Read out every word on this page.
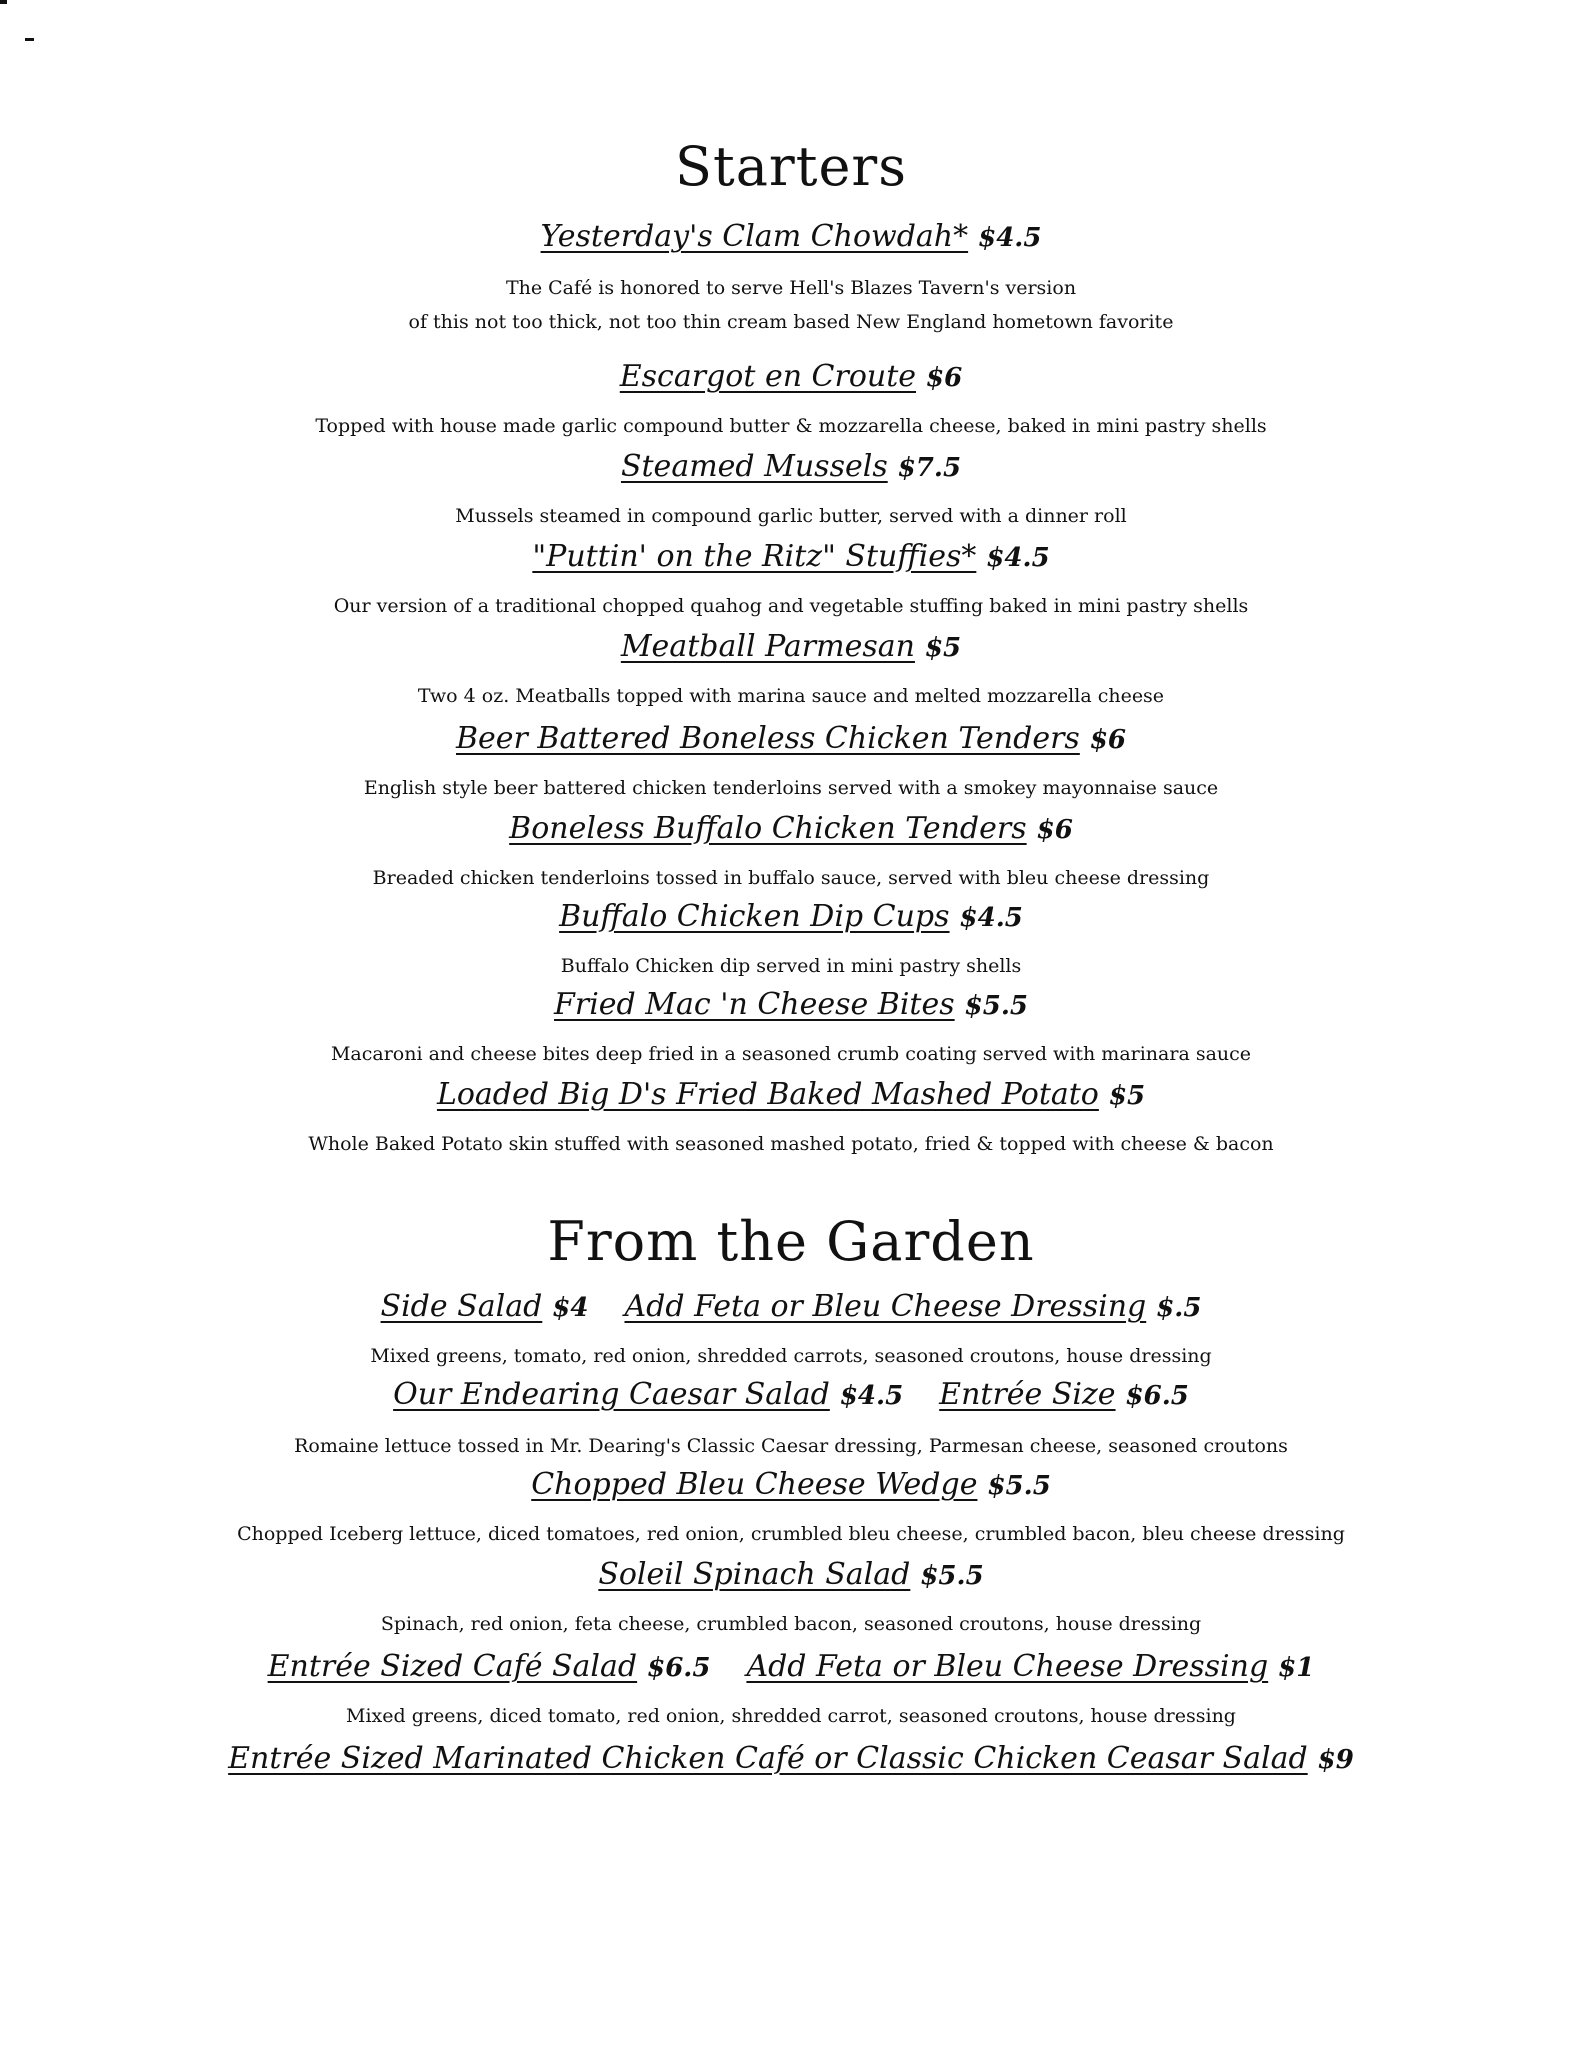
Starters
Yesterday's Clam Chowdah* $4.5
The Café is honored to serve Hell's Blazes Tavern's version
of this not too thick, not too thin cream based New England hometown favorite
Escargot en Croute $6
Topped with house made garlic compound butter & mozzarella cheese, baked in mini pastry shells
Steamed Mussels $7.5
Mussels steamed in compound garlic butter, served with a dinner roll
"Puttin' on the Ritz" Stuffies* $4.5
Our version of a traditional chopped quahog and vegetable stuffing baked in mini pastry shells
Meatball Parmesan $5
Two 4 oz. Meatballs topped with marina sauce and melted mozzarella cheese
Beer Battered Boneless Chicken Tenders $6
English style beer battered chicken tenderloins served with a smokey mayonnaise sauce
Boneless Buffalo Chicken Tenders $6
Breaded chicken tenderloins tossed in buffalo sauce, served with bleu cheese dressing
Buffalo Chicken Dip Cups $4.5
Buffalo Chicken dip served in mini pastry shells
Fried Mac 'n Cheese Bites $5.5
Macaroni and cheese bites deep fried in a seasoned crumb coating served with marinara sauce
Loaded Big D's Fried Baked Mashed Potato $5
Whole Baked Potato skin stuffed with seasoned mashed potato, fried & topped with cheese & bacon
From the Garden
Side Salad $4 Add Feta or Bleu Cheese Dressing $.5
Mixed greens, tomato, red onion, shredded carrots, seasoned croutons, house dressing
Our Endearing Caesar Salad $4.5 Entrée Size $6.5
Romaine lettuce tossed in Mr. Dearing's Classic Caesar dressing, Parmesan cheese, seasoned croutons
Chopped Bleu Cheese Wedge $5.5
Chopped Iceberg lettuce, diced tomatoes, red onion, crumbled bleu cheese, crumbled bacon, bleu cheese dressing
Soleil Spinach Salad $5.5
Spinach, red onion, feta cheese, crumbled bacon, seasoned croutons, house dressing
Entrée Sized Café Salad $6.5 Add Feta or Bleu Cheese Dressing $1
Mixed greens, diced tomato, red onion, shredded carrot, seasoned croutons, house dressing
Entrée Sized Marinated Chicken Café or Classic Chicken Ceasar Salad $9
